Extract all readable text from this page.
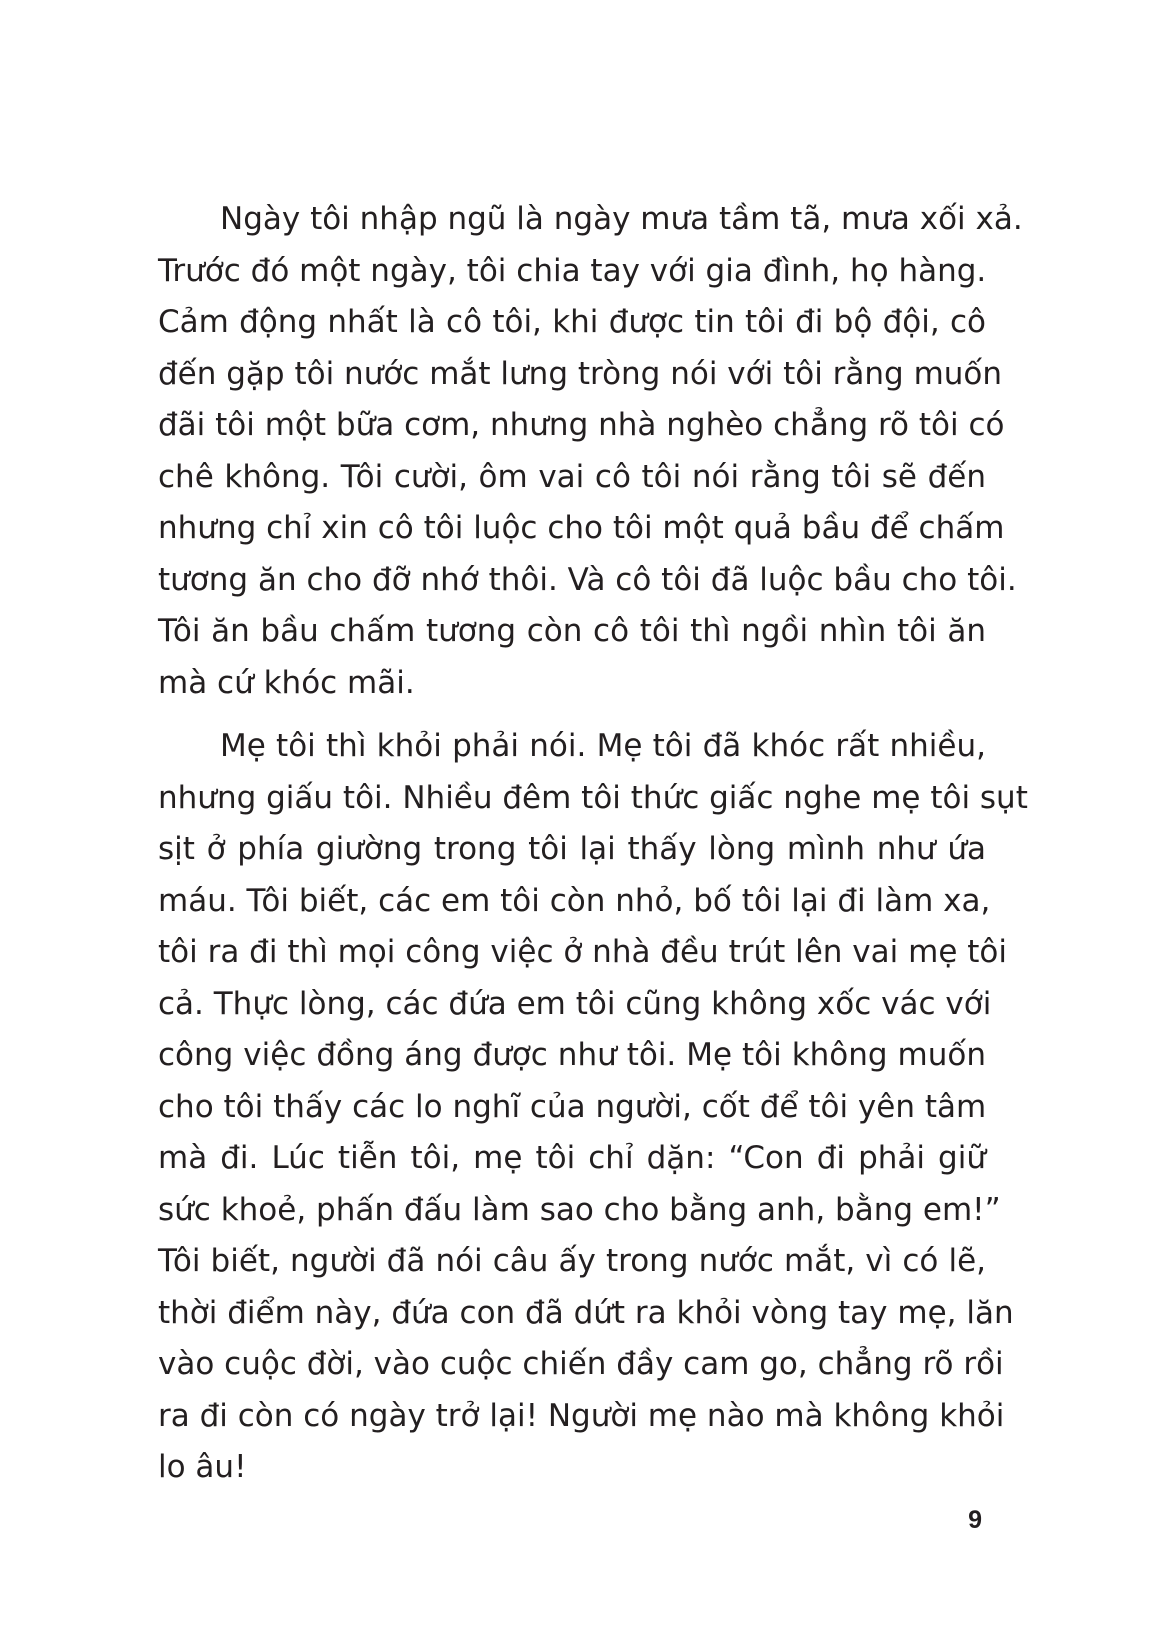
Ngày tôi nhập ngũ là ngày mưa tầm tã, mưa xối xả.
Trước đó một ngày, tôi chia tay với gia đình, họ hàng.
Cảm động nhất là cô tôi, khi được tin tôi đi bộ đội, cô
đến gặp tôi nước mắt lưng tròng nói với tôi rằng muốn
đãi tôi một bữa cơm, nhưng nhà nghèo chẳng rõ tôi có
chê không. Tôi cười, ôm vai cô tôi nói rằng tôi sẽ đến
nhưng chỉ xin cô tôi luộc cho tôi một quả bầu để chấm
tương ăn cho đỡ nhớ thôi. Và cô tôi đã luộc bầu cho tôi.
Tôi ăn bầu chấm tương còn cô tôi thì ngồi nhìn tôi ăn
mà cứ khóc mãi.
Mẹ tôi thì khỏi phải nói. Mẹ tôi đã khóc rất nhiều,
nhưng giấu tôi. Nhiều đêm tôi thức giấc nghe mẹ tôi sụt
sịt ở phía giường trong tôi lại thấy lòng mình như ứa
máu. Tôi biết, các em tôi còn nhỏ, bố tôi lại đi làm xa,
tôi ra đi thì mọi công việc ở nhà đều trút lên vai mẹ tôi
cả. Thực lòng, các đứa em tôi cũng không xốc vác với
công việc đồng áng được như tôi. Mẹ tôi không muốn
cho tôi thấy các lo nghĩ của người, cốt để tôi yên tâm
mà đi. Lúc tiễn tôi, mẹ tôi chỉ dặn: “Con đi phải giữ
sức khoẻ, phấn đấu làm sao cho bằng anh, bằng em!”
Tôi biết, người đã nói câu ấy trong nước mắt, vì có lẽ,
thời điểm này, đứa con đã dứt ra khỏi vòng tay mẹ, lăn
vào cuộc đời, vào cuộc chiến đầy cam go, chẳng rõ rồi
ra đi còn có ngày trở lại! Người mẹ nào mà không khỏi
lo âu!
9
